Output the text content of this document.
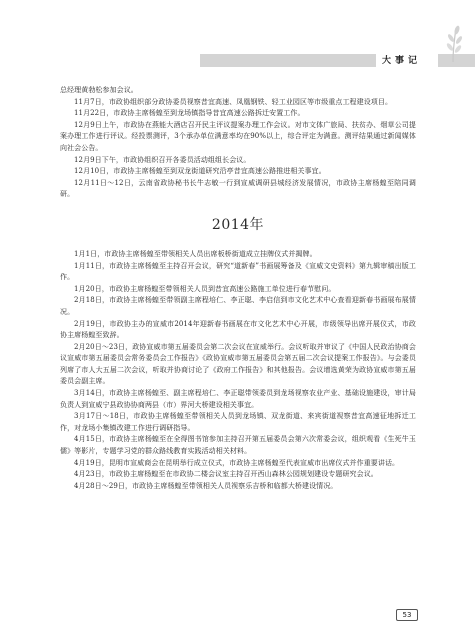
大事记

总经理黄勃松参加会议。

11月7日，市政协组织部分政协委员视察昔宜高速、凤凰钢铁、轻工业园区等市级重点工程建设项目。

11月22日，市政协主席杨蝗至到龙场镇指导昔宜高速公路拆迁安置工作。

12月9日上午，市政协在燕能大酒店召开民主评议提案办理工作会议。对市文体广旅局、扶贫办、烟草公司提案办理工作进行评议。经投票测评，3个承办单位满意率均在90%以上，综合评定为满意。测评结果通过新闻媒体向社会公告。

12月9日下午，市政协组织召开各委员活动组组长会议。

12月10日，市政协主席杨蝗至到双龙街道研究沿亭昔宜高速公路推进相关事宜。

12月11日～12日，云南省政协秘书长牛志敏一行到宣威调研县城经济发展情况，市政协主席杨蝗至陪同调研。

2014年

1月1日，市政协主席杨蝗至带领相关人员出席板桥街道成立挂牌仪式并揭牌。

1月11日，市政协主席杨蝗至主持召开会议，研究“道新春”书画展筹备及《宣威文史资料》第九辑审稿出版工作。

1月20日，市政协主席杨蝗至带领相关人员到昔宜高速公路施工单位进行春节慰问。

2月18日，市政协主席杨蝗至带领副主席程培仁、李正聪、李启信到市文化艺术中心查看迎新春书画展布展情况。

2月19日，市政协主办的宣威市2014年迎新春书画展在市文化艺术中心开展，市级领导出席开展仪式，市政协主席杨蝗至致辞。

2月20日～23日，政协宣威市第五届委员会第二次会议在宣威举行。会议听取并审议了《中国人民政治协商会议宣威市第五届委员会常务委员会工作报告》《政协宣威市第五届委员会第五届二次会议提案工作报告》。与会委员列席了市人大五届二次会议，听取并协商讨论了《政府工作报告》和其他报告。会议增选黄荣为政协宣威市第五届委员会副主席。

3月14日，市政协主席杨蝗至、副主席程培仁、李正聪带领委员到龙场视察农业产业、基础设施建设，审计局负责人到宣威宁县政协协商两县（市）界河大桥建设相关事宜。

3月17日～18日，市政协主席杨蝗至带领相关人员到龙场镇、双龙街道、来宾街道视察昔宜高速征地拆迁工作，对龙场小集镇改建工作进行调研指导。

4月15日，市政协主席杨蝗至在全得图书馆参加主持召开第五届委员会第六次常委会议，组织观看《生死牛玉儒》等影片，专题学习党的群众路线教育实践活动相关材料。

4月19日，昆明市宣威商会在昆明举行成立仪式，市政协主席杨蝗至代表宣威市出席仪式并作重要讲话。

4月23日，市政协主席杨蝗至在市政协二楼会议室主持召开西山森林公园规划建设专题研究会议。

4月28日～29日，市政协主席杨蝗至带领相关人员视察乐吉桥和临都大桥建设情况。

53
